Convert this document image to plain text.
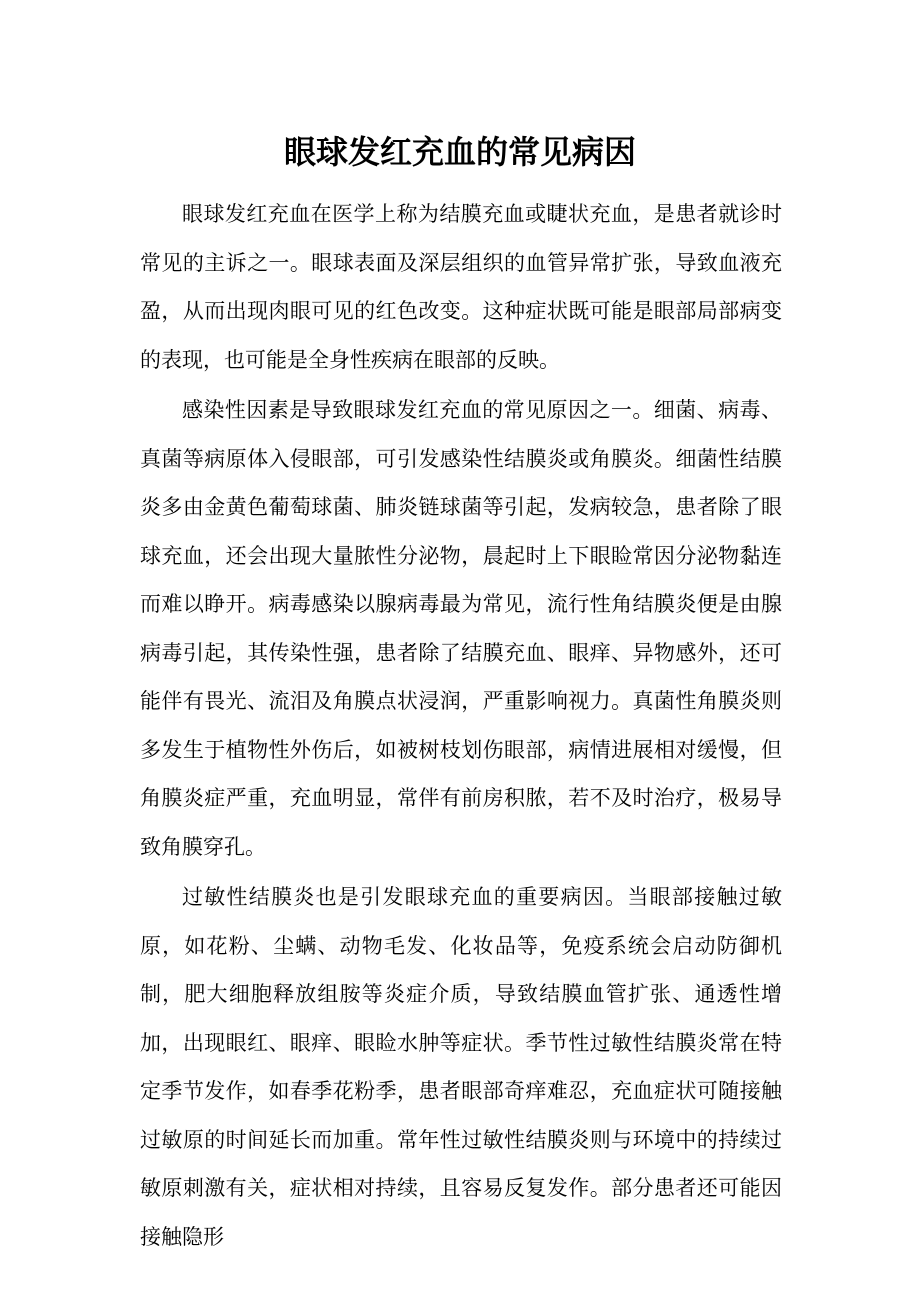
眼球发红充血的常见病因

眼球发红充血在医学上称为结膜充血或睫状充血，是患者就诊时常见的主诉之一。眼球表面及深层组织的血管异常扩张，导致血液充盈，从而出现肉眼可见的红色改变。这种症状既可能是眼部局部病变的表现，也可能是全身性疾病在眼部的反映。

感染性因素是导致眼球发红充血的常见原因之一。细菌、病毒、真菌等病原体入侵眼部，可引发感染性结膜炎或角膜炎。细菌性结膜炎多由金黄色葡萄球菌、肺炎链球菌等引起，发病较急，患者除了眼球充血，还会出现大量脓性分泌物，晨起时上下眼睑常因分泌物黏连而难以睁开。病毒感染以腺病毒最为常见，流行性角结膜炎便是由腺病毒引起，其传染性强，患者除了结膜充血、眼痒、异物感外，还可能伴有畏光、流泪及角膜点状浸润，严重影响视力。真菌性角膜炎则多发生于植物性外伤后，如被树枝划伤眼部，病情进展相对缓慢，但角膜炎症严重，充血明显，常伴有前房积脓，若不及时治疗，极易导致角膜穿孔。

过敏性结膜炎也是引发眼球充血的重要病因。当眼部接触过敏原，如花粉、尘螨、动物毛发、化妆品等，免疫系统会启动防御机制，肥大细胞释放组胺等炎症介质，导致结膜血管扩张、通透性增加，出现眼红、眼痒、眼睑水肿等症状。季节性过敏性结膜炎常在特定季节发作，如春季花粉季，患者眼部奇痒难忍，充血症状可随接触过敏原的时间延长而加重。常年性过敏性结膜炎则与环境中的持续过敏原刺激有关，症状相对持续，且容易反复发作。部分患者还可能因接触隐形
